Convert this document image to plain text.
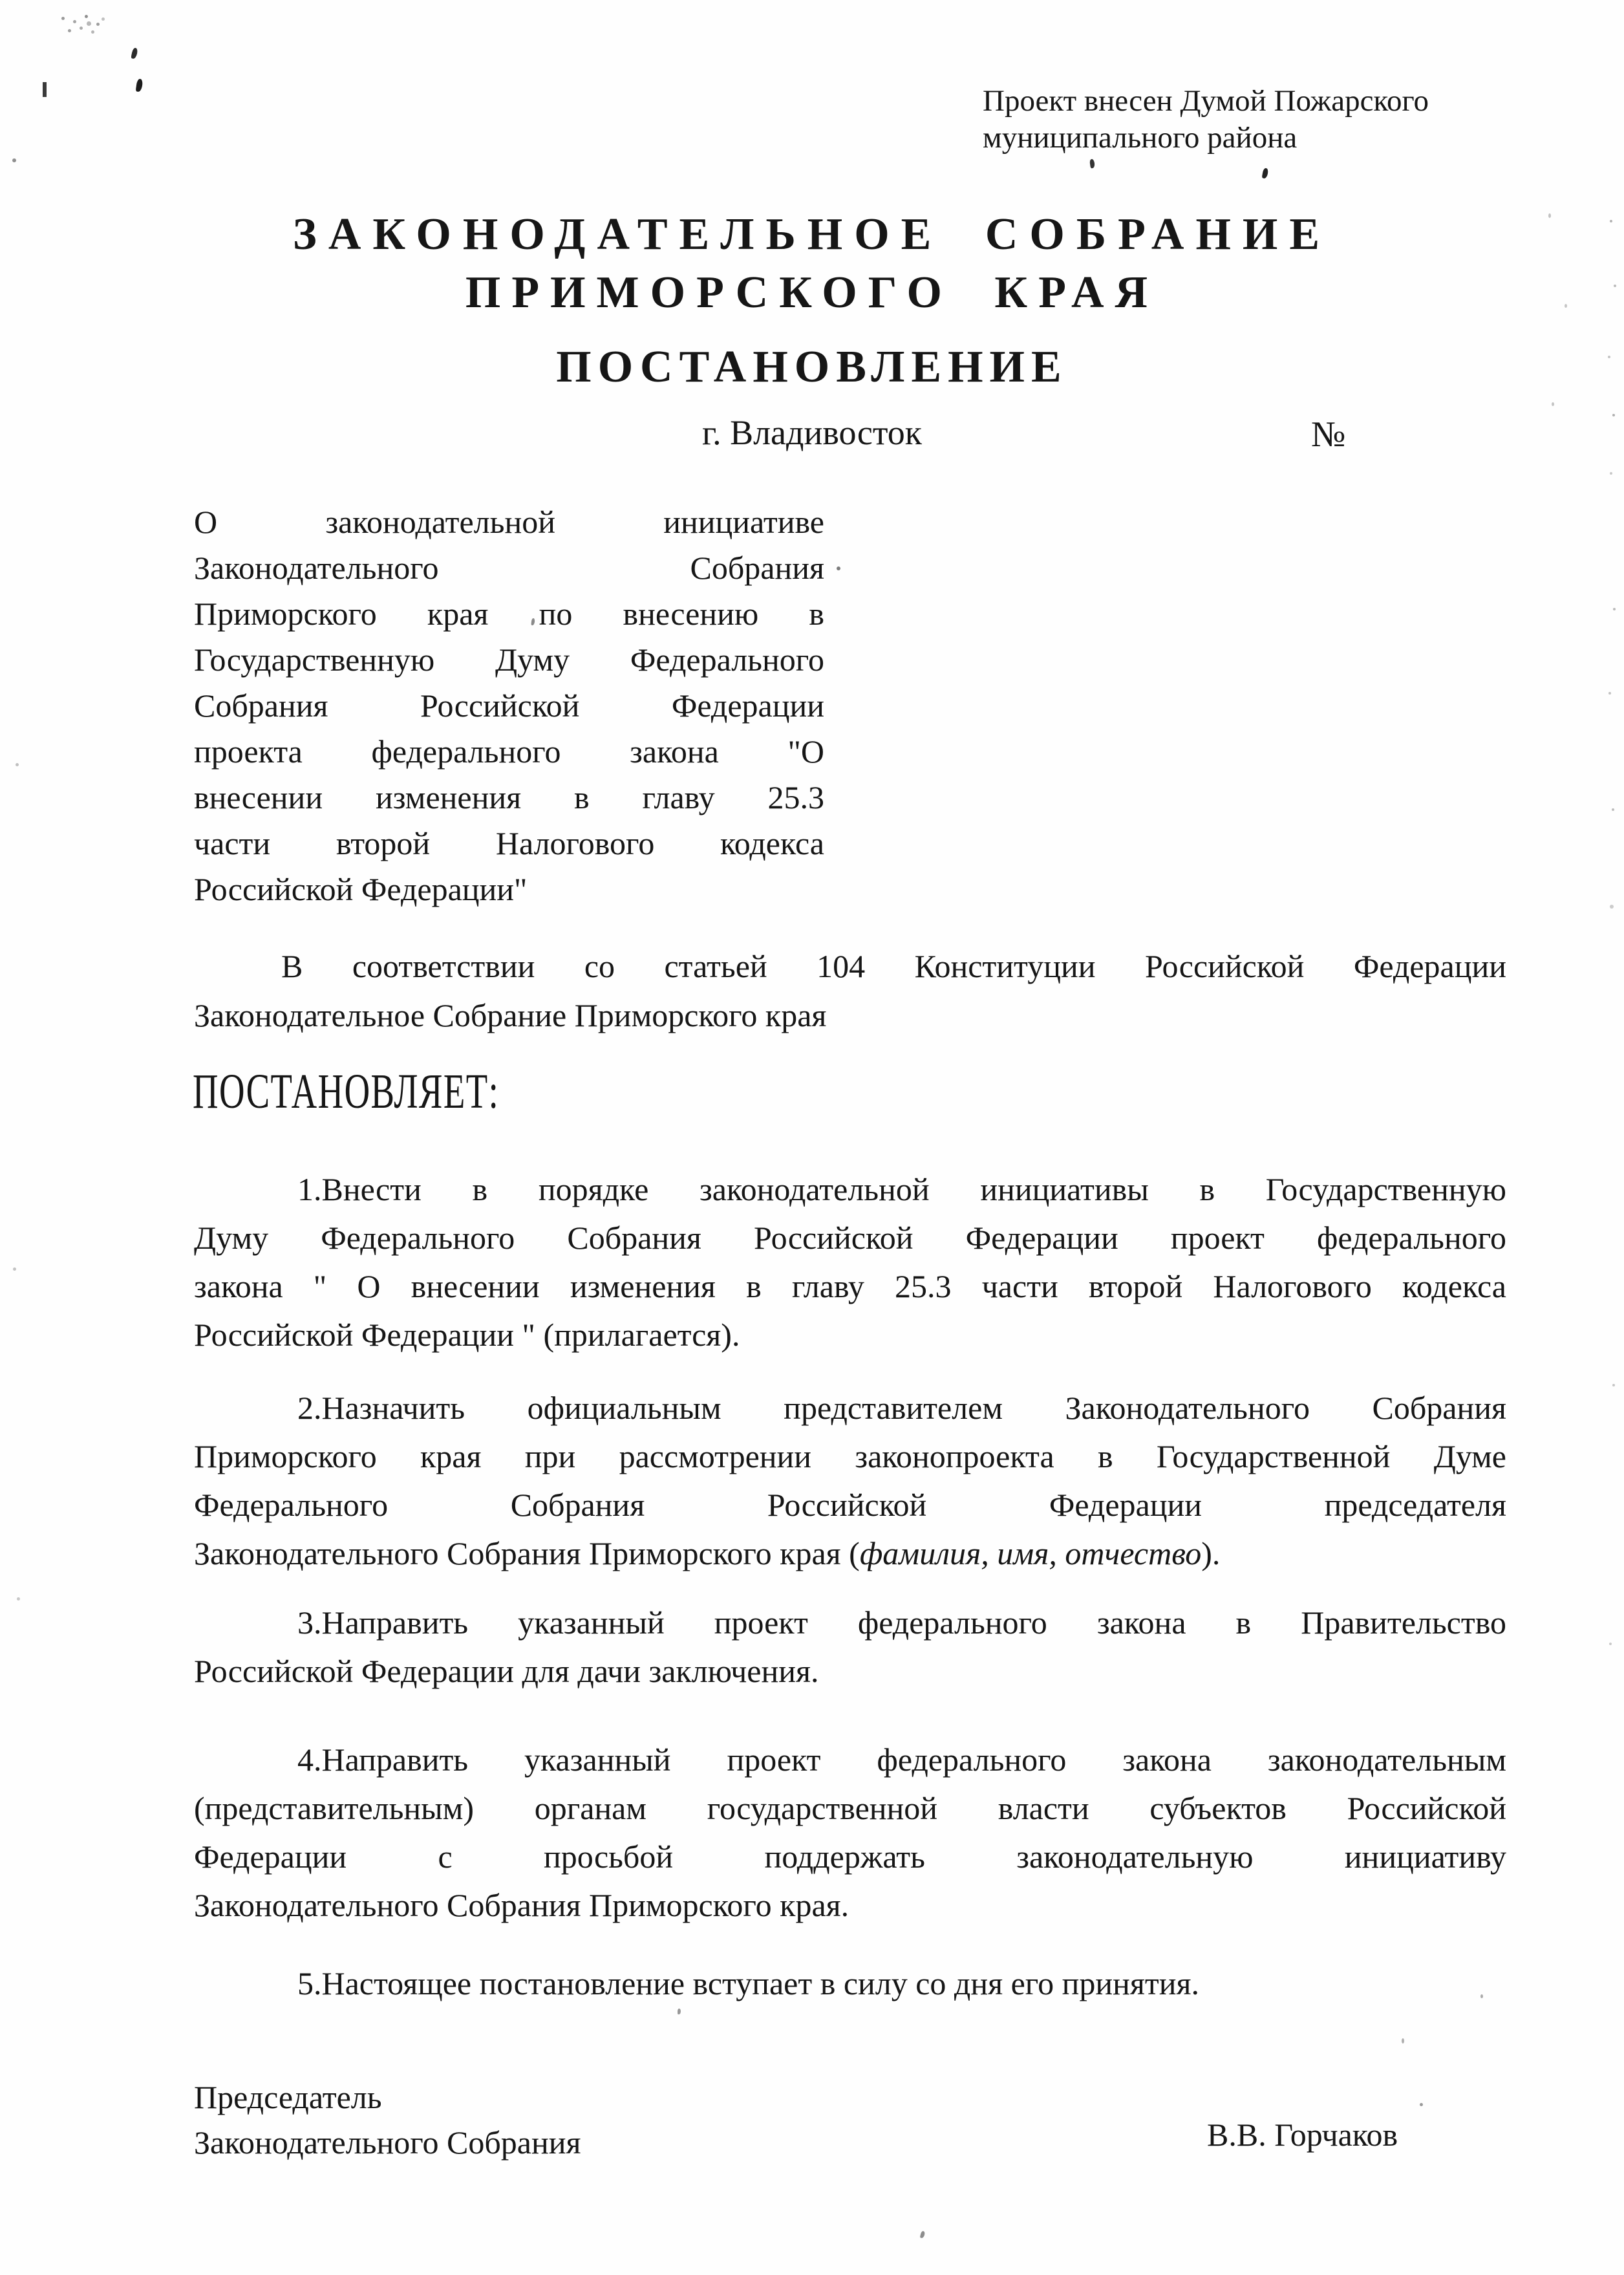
Проект внесен Думой Пожарского
муниципального района
ЗАКОНОДАТЕЛЬНОЕ СОБРАНИЕ
ПРИМОРСКОГО КРАЯ
ПОСТАНОВЛЕНИЕ
г. Владивосток	№
О законодательной инициативе
Законодательного Собрания
Приморского края по внесению в
Государственную Думу Федерального
Собрания Российской Федерации
проекта федерального закона "О
внесении изменения в главу 25.3
части второй Налогового кодекса
Российской Федерации"
В соответствии со статьей 104 Конституции Российской Федерации
Законодательное Собрание Приморского края
ПОСТАНОВЛЯЕТ:
1.Внести в порядке законодательной инициативы в Государственную
Думу Федерального Собрания Российской Федерации проект федерального
закона " О внесении изменения в главу 25.3 части второй Налогового кодекса
Российской Федерации " (прилагается).
2.Назначить официальным представителем Законодательного Собрания
Приморского края при рассмотрении законопроекта в Государственной Думе
Федерального Собрания Российской Федерации председателя
Законодательного Собрания Приморского края (фамилия, имя, отчество).
3.Направить указанный проект федерального закона в Правительство
Российской Федерации для дачи заключения.
4.Направить указанный проект федерального закона законодательным
(представительным) органам государственной власти субъектов Российской
Федерации с просьбой поддержать законодательную инициативу
Законодательного Собрания Приморского края.
5.Настоящее постановление вступает в силу со дня его принятия.
Председатель
Законодательного Собрания	В.В. Горчаков
